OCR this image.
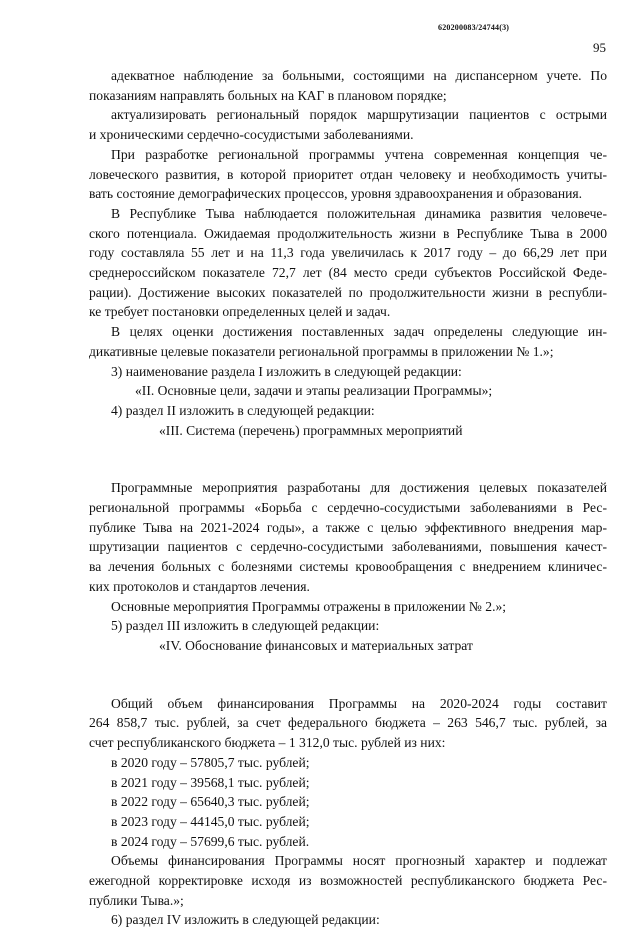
620200083/24744(3)
95
адекватное наблюдение за больными, состоящими на диспансерном учете. По
показаниям направлять больных на КАГ в плановом порядке;
актуализировать региональный порядок маршрутизации пациентов с острыми
и хроническими сердечно-сосудистыми заболеваниями.
При разработке региональной программы учтена современная концепция че-
ловеческого развития, в которой приоритет отдан человеку и необходимость учиты-
вать состояние демографических процессов, уровня здравоохранения и образования.
В Республике Тыва наблюдается положительная динамика развития человече-
ского потенциала. Ожидаемая продолжительность жизни в Республике Тыва в 2000
году составляла 55 лет и на 11,3 года увеличилась к 2017 году – до 66,29 лет при
среднероссийском показателе 72,7 лет (84 место среди субъектов Российской Феде-
рации). Достижение высоких показателей по продолжительности жизни в республи-
ке требует постановки определенных целей и задач.
В целях оценки достижения поставленных задач определены следующие ин-
дикативные целевые показатели региональной программы в приложении № 1.»;
3) наименование раздела I изложить в следующей редакции:
«II. Основные цели, задачи и этапы реализации Программы»;
4) раздел II изложить в следующей редакции:
«III. Система (перечень) программных мероприятий
Программные мероприятия разработаны для достижения целевых показателей
региональной программы «Борьба с сердечно-сосудистыми заболеваниями в Рес-
публике Тыва на 2021-2024 годы», а также с целью эффективного внедрения мар-
шрутизации пациентов с сердечно-сосудистыми заболеваниями, повышения качест-
ва лечения больных с болезнями системы кровообращения с внедрением клиничес-
ких протоколов и стандартов лечения.
Основные мероприятия Программы отражены в приложении № 2.»;
5) раздел III изложить в следующей редакции:
«IV. Обоснование финансовых и материальных затрат
Общий объем финансирования Программы на 2020-2024 годы составит
264 858,7 тыс. рублей, за счет федерального бюджета – 263 546,7 тыс. рублей, за
счет республиканского бюджета – 1 312,0 тыс. рублей из них:
в 2020 году – 57805,7 тыс. рублей;
в 2021 году – 39568,1 тыс. рублей;
в 2022 году – 65640,3 тыс. рублей;
в 2023 году – 44145,0 тыс. рублей;
в 2024 году – 57699,6 тыс. рублей.
Объемы финансирования Программы носят прогнозный характер и подлежат
ежегодной корректировке исходя из возможностей республиканского бюджета Рес-
публики Тыва.»;
6) раздел IV изложить в следующей редакции:
